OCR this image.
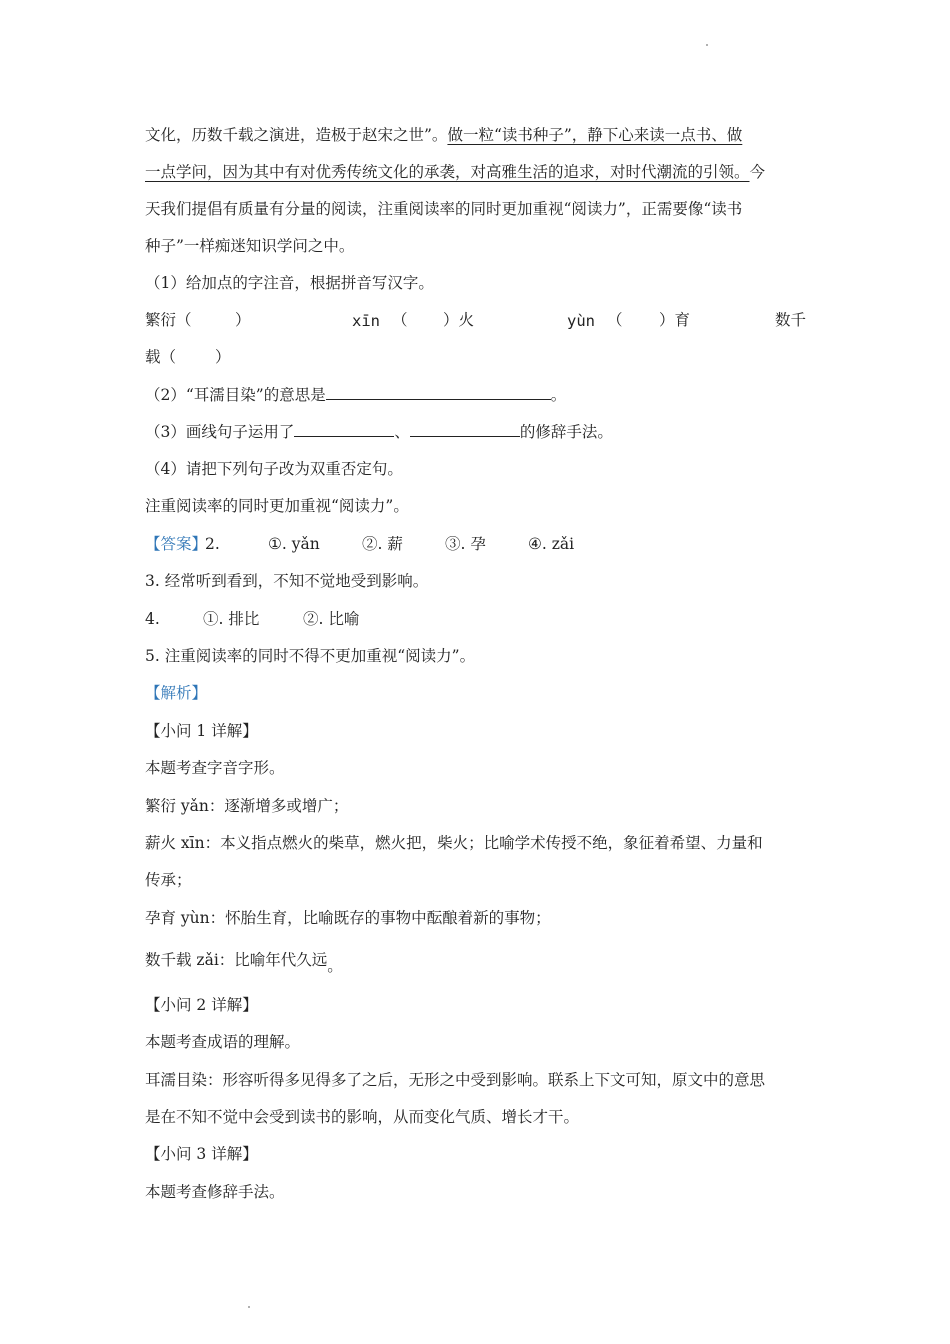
文化，历数千载之演进，造极于赵宋之世”。做一粒“读书种子”，静下心来读一点书、做
一点学问，因为其中有对优秀传统文化的承袭，对高雅生活的追求，对时代潮流的引领。今
天我们提倡有质量有分量的阅读，注重阅读率的同时更加重视“阅读力”，正需要像“读书
种子”一样痴迷知识学问之中。
（1）给加点的字注音，根据拼音写汉字。
繁衍（	）	xīn （ ）火	yùn （ ）育	数千
载（	）
（2）“耳濡目染”的意思是	。
（3）画线句子运用了	、	的修辞手法。
（4）请把下列句子改为双重否定句。
注重阅读率的同时更加重视“阅读力”。
【答案】
2.	①. yǎn	②. 薪	③. 孕	④. zǎi
3. 经常听到看到，不知不觉地受到影响。
4.	①. 排比	②. 比喻
5. 注重阅读率的同时不得不更加重视“阅读力”。
【解析】
【小问 1 详解】
本题考查字音字形。
繁衍 yǎn：逐渐增多或增广；
薪火 xīn：本义指点燃火的柴草，燃火把，柴火；比喻学术传授不绝，象征着希望、力量和
传承；
孕育 yùn：怀胎生育，比喻既存的事物中酝酿着新的事物；
数千载 zǎi：比喻年代久远。
【小问 2 详解】
本题考查成语的理解。
耳濡目染：形容听得多见得多了之后，无形之中受到影响。联系上下文可知，原文中的意思
是在不知不觉中会受到读书的影响，从而变化气质、增长才干。
【小问 3 详解】
本题考查修辞手法。
